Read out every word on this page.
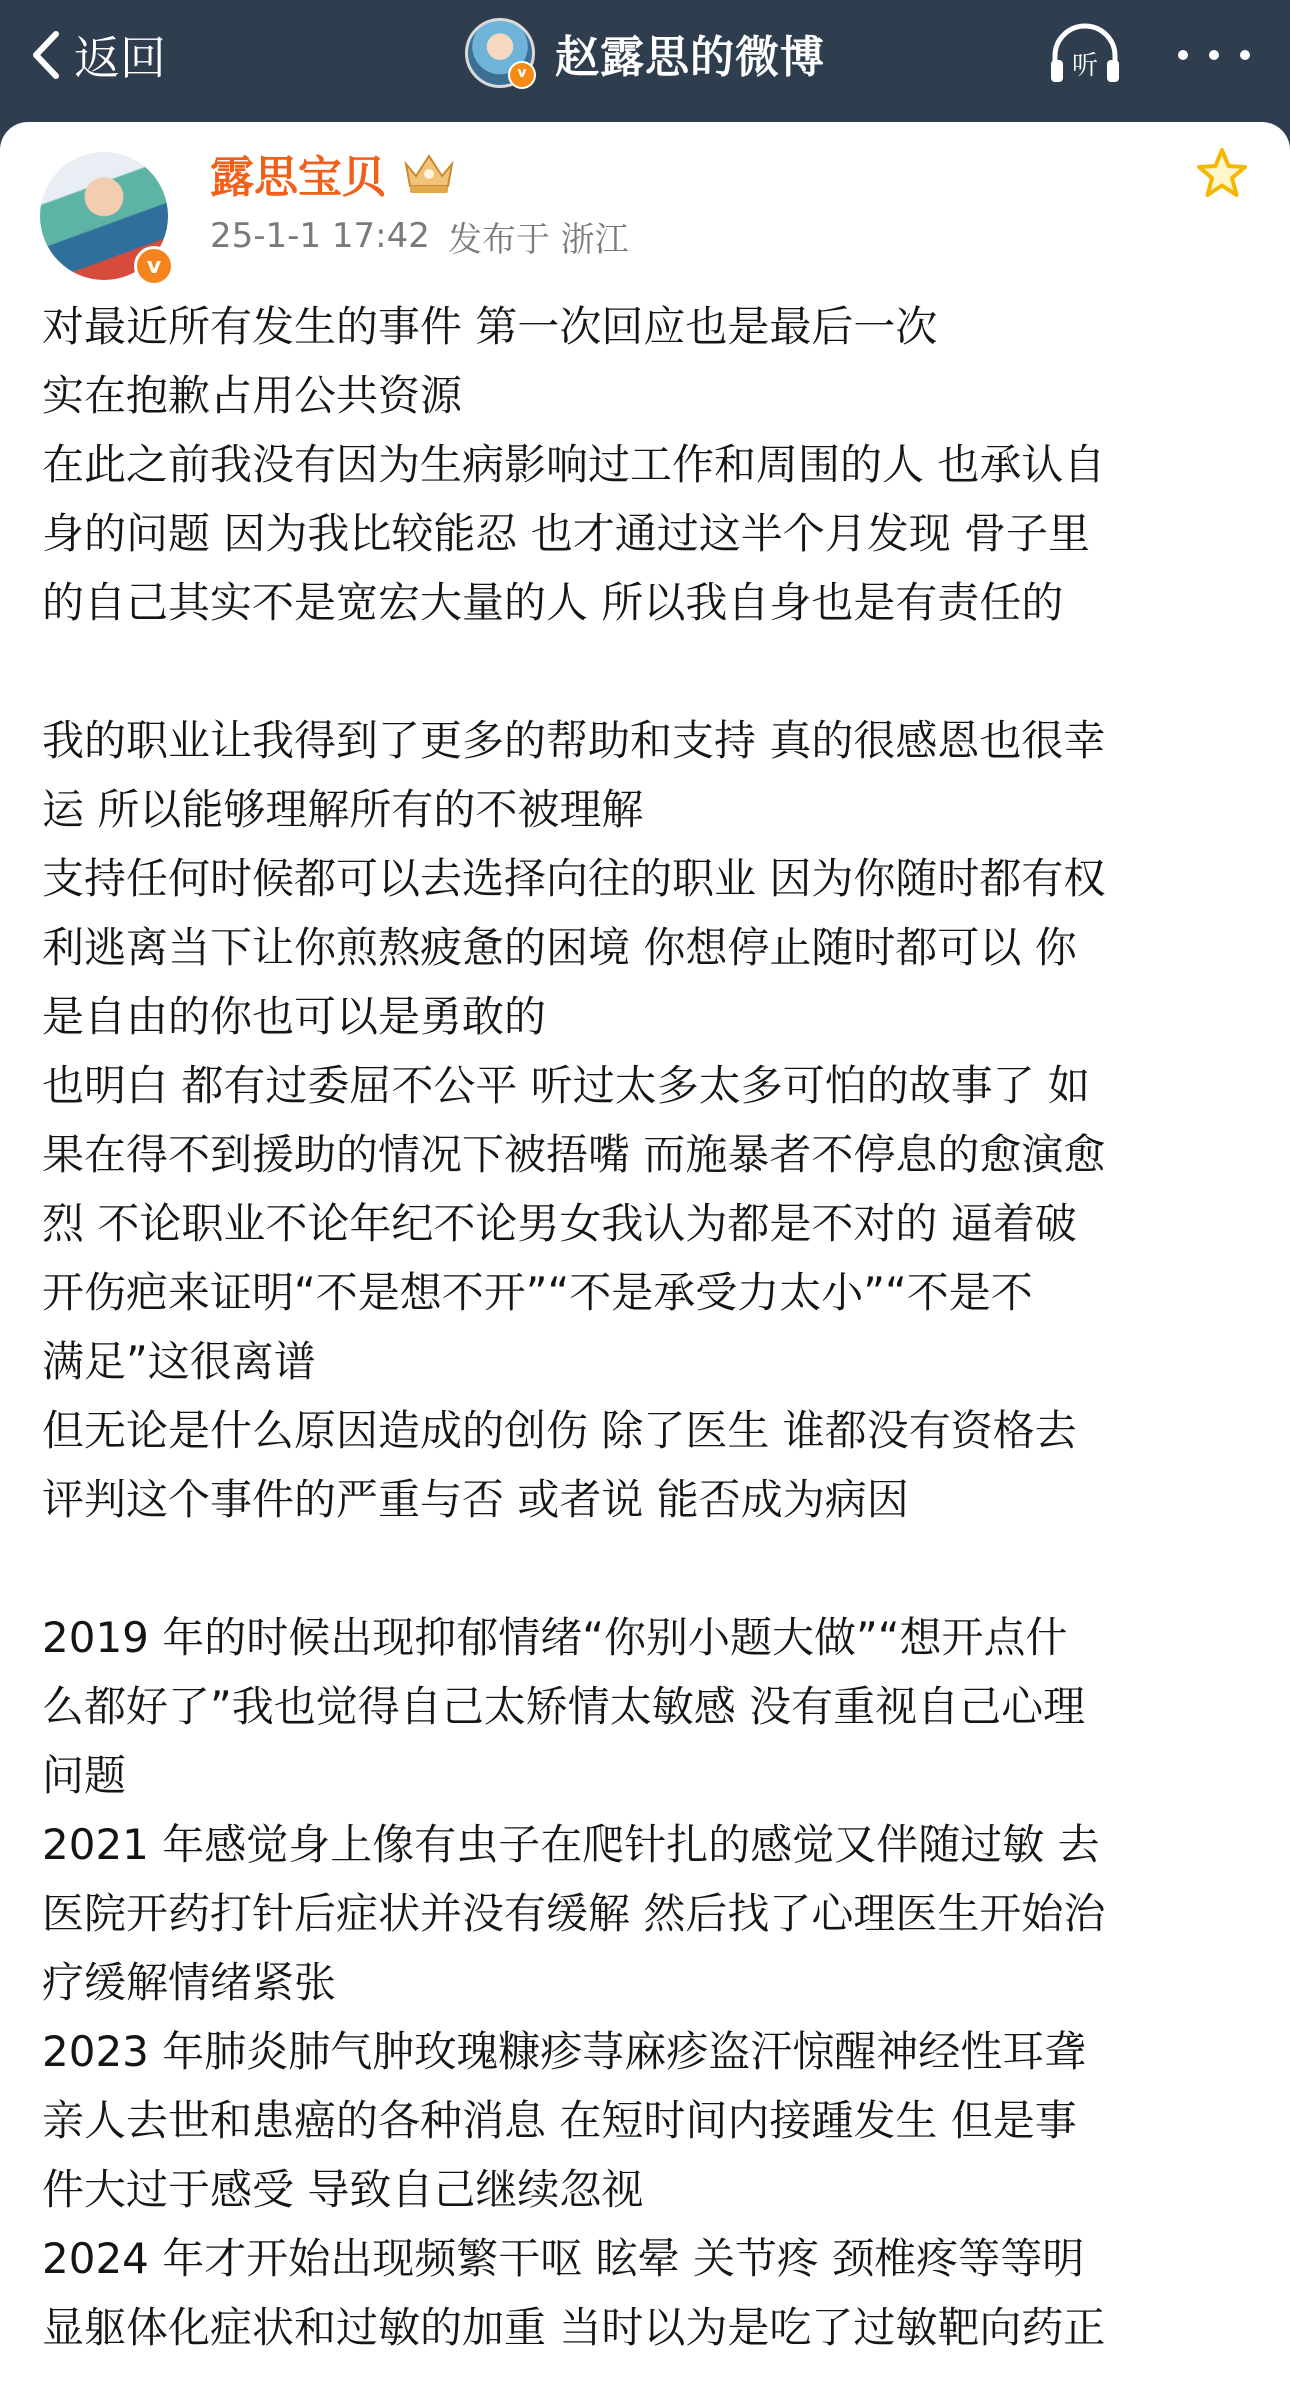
返回	v 赵露思的微博	听
v
露思宝贝
25-1-1 17:42 发布于 浙江

对最近所有发生的事件 第一次回应也是最后一次

实在抱歉占用公共资源

在此之前我没有因为生病影响过工作和周围的人 也承认自

身的问题 因为我比较能忍 也才通过这半个月发现 骨子里

的自己其实不是宽宏大量的人 所以我自身也是有责任的

我的职业让我得到了更多的帮助和支持 真的很感恩也很幸

运 所以能够理解所有的不被理解

支持任何时候都可以去选择向往的职业 因为你随时都有权

利逃离当下让你煎熬疲惫的困境 你想停止随时都可以 你

是自由的你也可以是勇敢的

也明白 都有过委屈不公平 听过太多太多可怕的故事了 如

果在得不到援助的情况下被捂嘴 而施暴者不停息的愈演愈

烈 不论职业不论年纪不论男女我认为都是不对的 逼着破

开伤疤来证明“不是想不开”“不是承受力太小”“不是不

满足”这很离谱

但无论是什么原因造成的创伤 除了医生 谁都没有资格去

评判这个事件的严重与否 或者说 能否成为病因

2019 年的时候出现抑郁情绪“你别小题大做”“想开点什

么都好了”我也觉得自己太矫情太敏感 没有重视自己心理

问题

2021 年感觉身上像有虫子在爬针扎的感觉又伴随过敏 去

医院开药打针后症状并没有缓解 然后找了心理医生开始治

疗缓解情绪紧张

2023 年肺炎肺气肿玫瑰糠疹荨麻疹盗汗惊醒神经性耳聋

亲人去世和患癌的各种消息 在短时间内接踵发生 但是事

件大过于感受 导致自己继续忽视

2024 年才开始出现频繁干呕 眩晕 关节疼 颈椎疼等等明

显躯体化症状和过敏的加重 当时以为是吃了过敏靶向药正
